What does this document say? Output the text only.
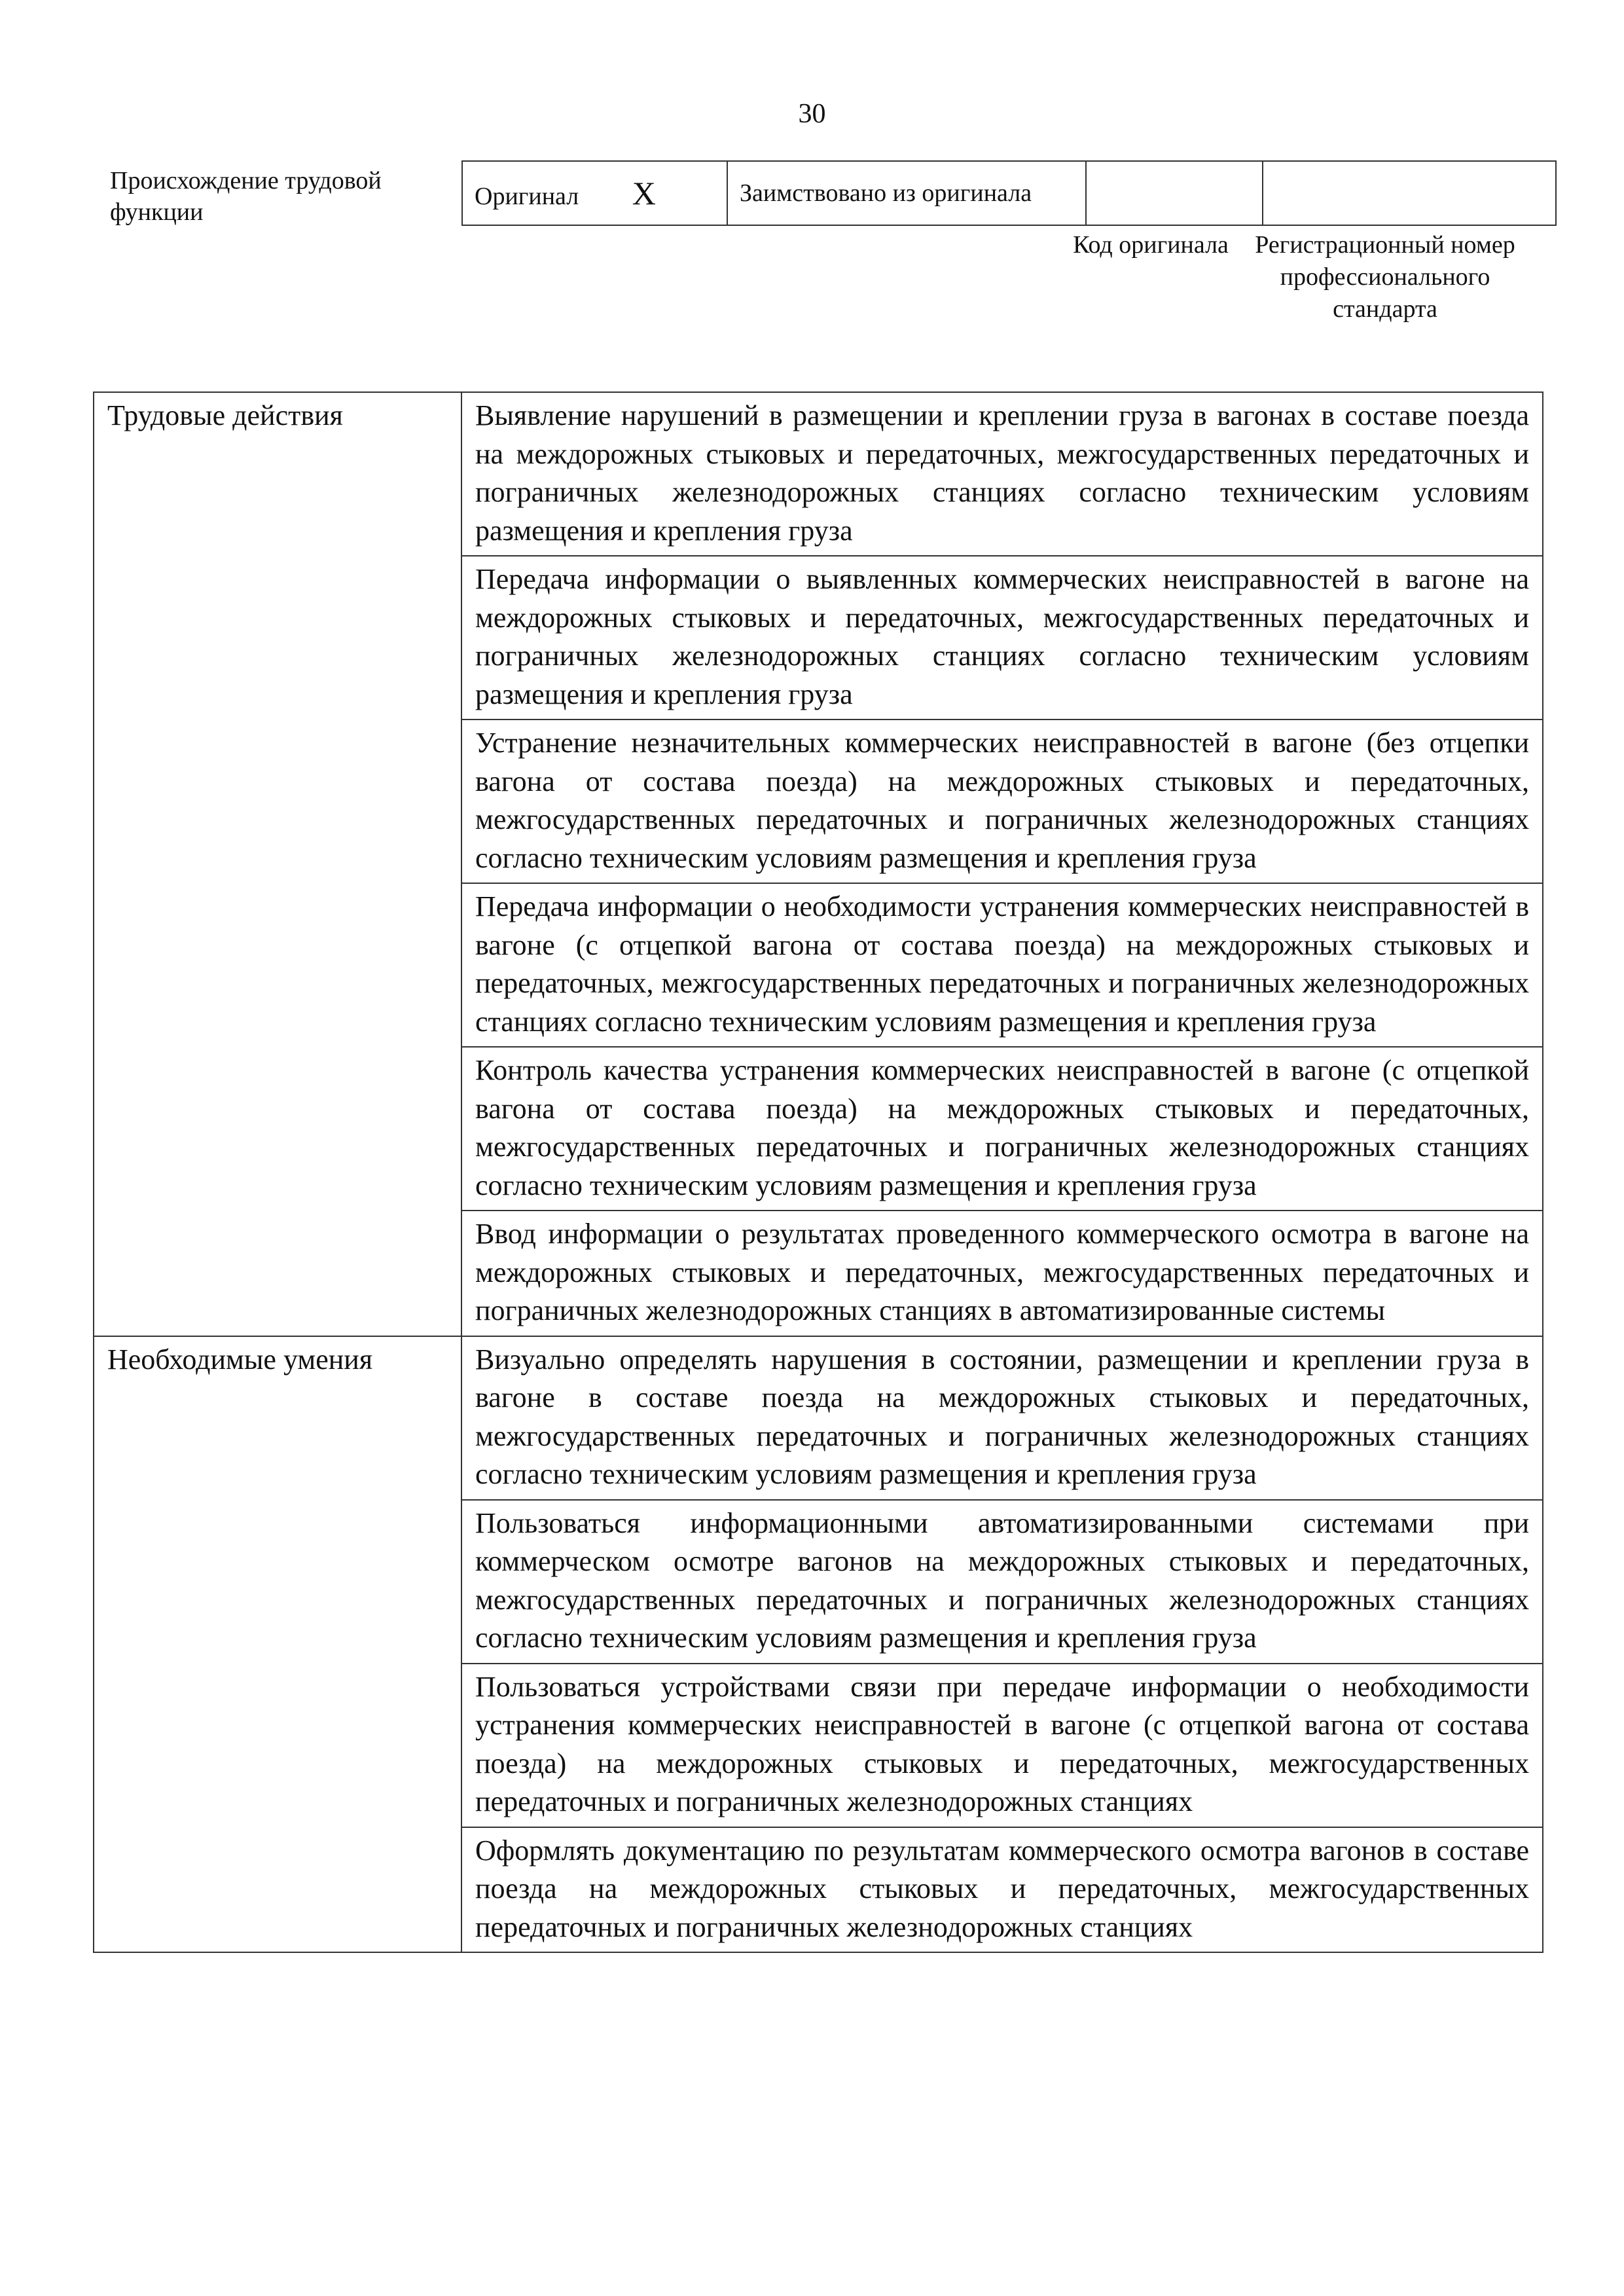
30
Происхождение трудовой функции
Оригинал X	Заимствовано из оригинала		
Код оригинала	Регистрационный номер профессионального стандарта
Трудовые действия	Выявление нарушений в размещении и креплении груза в вагонах в составе поезда на междорожных стыковых и передаточных, межгосударственных передаточных и пограничных железнодорожных станциях согласно техническим условиям размещения и крепления груза
	Передача информации о выявленных коммерческих неисправностей в вагоне на междорожных стыковых и передаточных, межгосударственных передаточных и пограничных железнодорожных станциях согласно техническим условиям размещения и крепления груза
	Устранение незначительных коммерческих неисправностей в вагоне (без отцепки вагона от состава поезда) на междорожных стыковых и передаточных, межгосударственных передаточных и пограничных железнодорожных станциях согласно техническим условиям размещения и крепления груза
	Передача информации о необходимости устранения коммерческих неисправностей в вагоне (с отцепкой вагона от состава поезда) на междорожных стыковых и передаточных, межгосударственных передаточных и пограничных железнодорожных станциях согласно техническим условиям размещения и крепления груза
	Контроль качества устранения коммерческих неисправностей в вагоне (с отцепкой вагона от состава поезда) на междорожных стыковых и передаточных, межгосударственных передаточных и пограничных железнодорожных станциях согласно техническим условиям размещения и крепления груза
	Ввод информации о результатах проведенного коммерческого осмотра в вагоне на междорожных стыковых и передаточных, межгосударственных передаточных и пограничных железнодорожных станциях в автоматизированные системы
Необходимые умения	Визуально определять нарушения в состоянии, размещении и креплении груза в вагоне в составе поезда на междорожных стыковых и передаточных, межгосударственных передаточных и пограничных железнодорожных станциях согласно техническим условиям размещения и крепления груза
	Пользоваться информационными автоматизированными системами при коммерческом осмотре вагонов на междорожных стыковых и передаточных, межгосударственных передаточных и пограничных железнодорожных станциях согласно техническим условиям размещения и крепления груза
	Пользоваться устройствами связи при передаче информации о необходимости устранения коммерческих неисправностей в вагоне (с отцепкой вагона от состава поезда) на междорожных стыковых и передаточных, межгосударственных передаточных и пограничных железнодорожных станциях
	Оформлять документацию по результатам коммерческого осмотра вагонов в составе поезда на междорожных стыковых и передаточных, межгосударственных передаточных и пограничных железнодорожных станциях
